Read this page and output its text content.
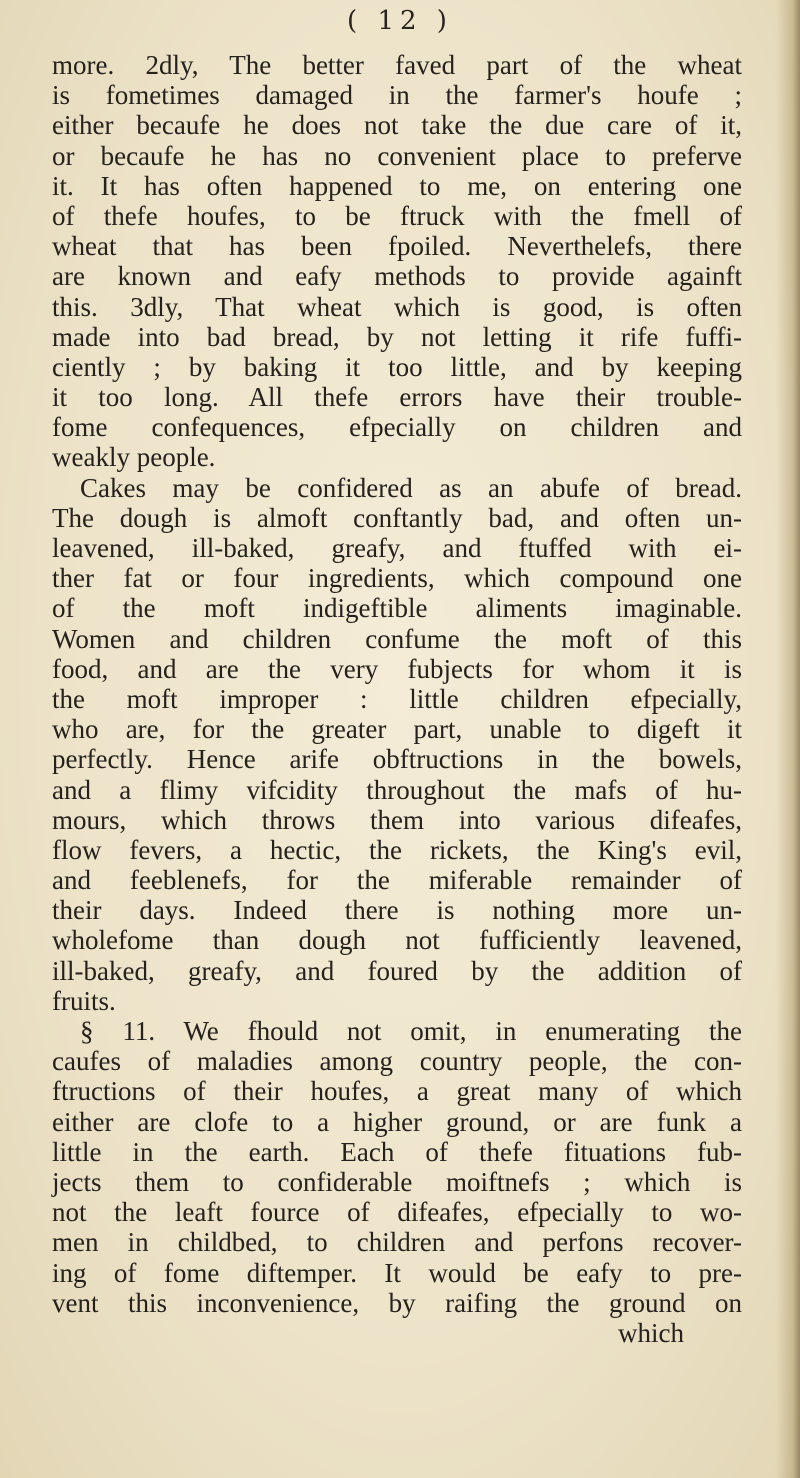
( 12 )
more. 2dly, The better faved part of the wheat
is fometimes damaged in the farmer's houfe ;
either becaufe he does not take the due care of it,
or becaufe he has no convenient place to preferve
it. It has often happened to me, on entering one
of thefe houfes, to be ftruck with the fmell of
wheat that has been fpoiled. Neverthelefs, there
are known and eafy methods to provide againft
this. 3dly, That wheat which is good, is often
made into bad bread, by not letting it rife fuffi-
ciently ; by baking it too little, and by keeping
it too long. All thefe errors have their trouble-
fome confequences, efpecially on children and
weakly people.
Cakes may be confidered as an abufe of bread.
The dough is almoft conftantly bad, and often un-
leavened, ill-baked, greafy, and ftuffed with ei-
ther fat or four ingredients, which compound one
of the moft indigeftible aliments imaginable.
Women and children confume the moft of this
food, and are the very fubjects for whom it is
the moft improper : little children efpecially,
who are, for the greater part, unable to digeft it
perfectly. Hence arife obftructions in the bowels,
and a flimy vifcidity throughout the mafs of hu-
mours, which throws them into various difeafes,
flow fevers, a hectic, the rickets, the King's evil,
and feeblenefs, for the miferable remainder of
their days. Indeed there is nothing more un-
wholefome than dough not fufficiently leavened,
ill-baked, greafy, and foured by the addition of
fruits.
§ 11. We fhould not omit, in enumerating the
caufes of maladies among country people, the con-
ftructions of their houfes, a great many of which
either are clofe to a higher ground, or are funk a
little in the earth. Each of thefe fituations fub-
jects them to confiderable moiftnefs ; which is
not the leaft fource of difeafes, efpecially to wo-
men in childbed, to children and perfons recover-
ing of fome diftemper. It would be eafy to pre-
vent this inconvenience, by raifing the ground on
which
